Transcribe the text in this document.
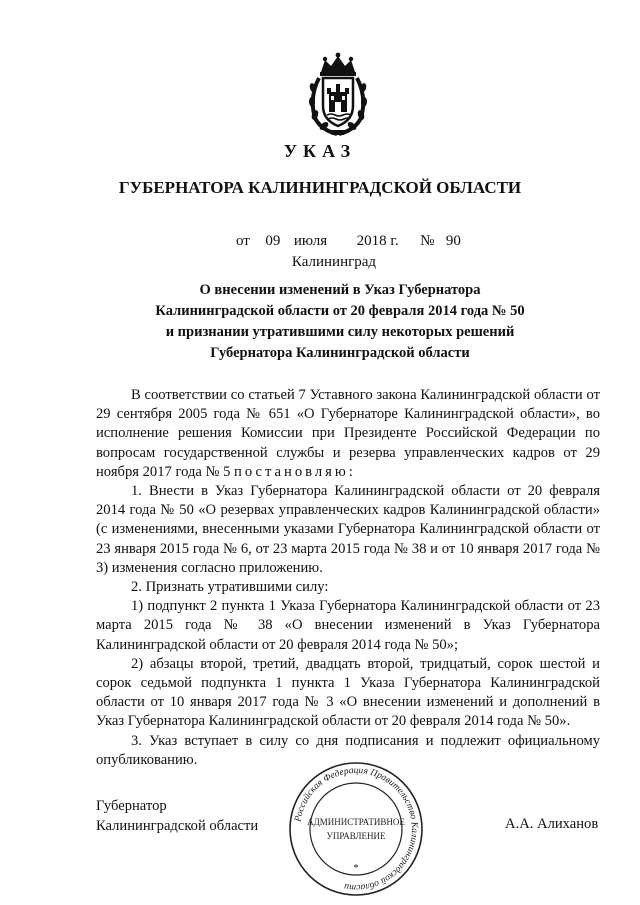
УКАЗ
ГУБЕРНАТОРА КАЛИНИНГРАДСКОЙ ОБЛАСТИ
от 09 июля 2018 г. № 90
Калининград
О внесении изменений в Указ Губернатора
Калининградской области от 20 февраля 2014 года № 50
и признании утратившими силу некоторых решений
Губернатора Калининградской области

В соответствии со статьей 7 Уставного закона Калининградской области от 29 сентября 2005 года № 651 «О Губернаторе Калининградской области», во исполнение решения Комиссии при Президенте Российской Федерации по вопросам государственной службы и резерва управленческих кадров от 29 ноября 2017 года № 5 постановляю:

1. Внести в Указ Губернатора Калининградской области от 20 февраля 2014 года № 50 «О резервах управленческих кадров Калининградской области» (с изменениями, внесенными указами Губернатора Калининградской области от 23 января 2015 года № 6, от 23 марта 2015 года № 38 и от 10 января 2017 года № 3) изменения согласно приложению.

2. Признать утратившими силу:

1) подпункт 2 пункта 1 Указа Губернатора Калининградской области от 23 марта 2015 года № 38 «О внесении изменений в Указ Губернатора Калининградской области от 20 февраля 2014 года № 50»;

2) абзацы второй, третий, двадцать второй, тридцатый, сорок шестой и сорок седьмой подпункта 1 пункта 1 Указа Губернатора Калининградской области от 10 января 2017 года № 3 «О внесении изменений и дополнений в Указ Губернатора Калининградской области от 20 февраля 2014 года № 50».

3. Указ вступает в силу со дня подписания и подлежит официальному опубликованию.

Губернатор
Калининградской области	Российская Федерация Правительство Калининградской области
АДМИНИСТРАТИВНОЕ
УПРАВЛЕНИЕ
*
А.А. Алиханов
